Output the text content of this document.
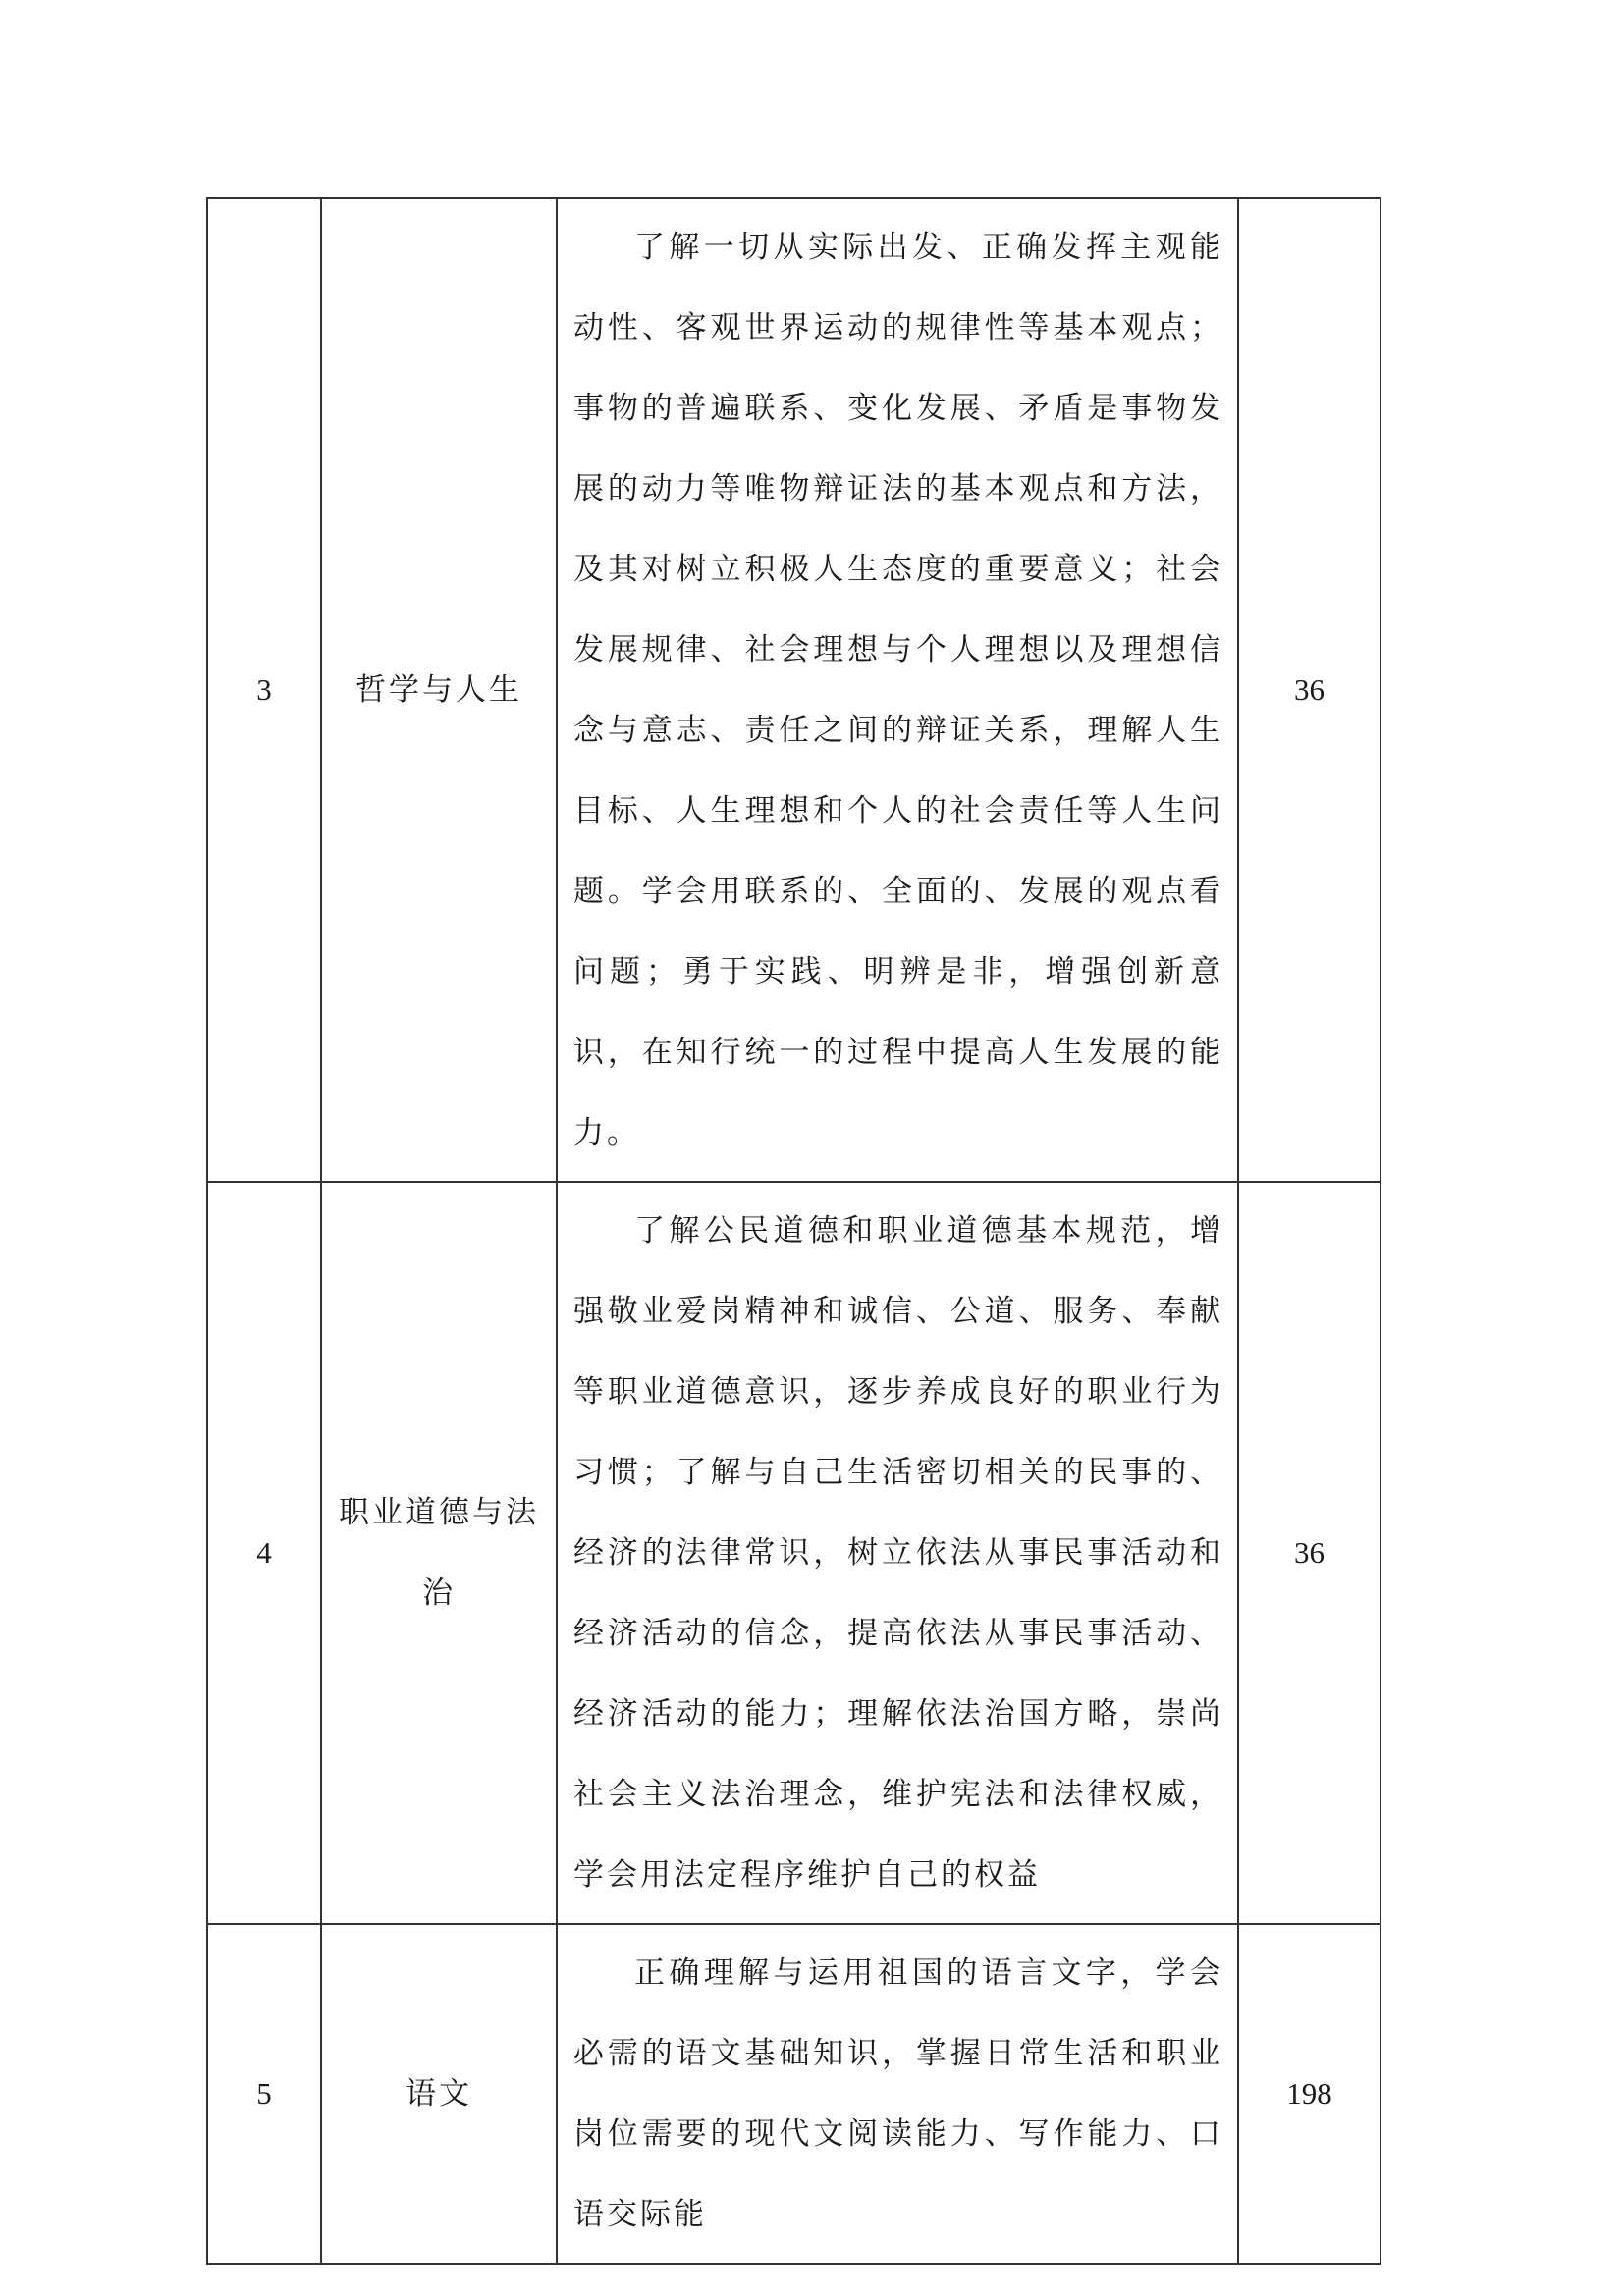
3	哲学与人生	了解一切从实际出发、正确发挥主观能动性、客观世界运动的规律性等基本观点；事物的普遍联系、变化发展、矛盾是事物发展的动力等唯物辩证法的基本观点和方法，及其对树立积极人生态度的重要意义；社会发展规律、社会理想与个人理想以及理想信念与意志、责任之间的辩证关系，理解人生目标、人生理想和个人的社会责任等人生问题。学会用联系的、全面的、发展的观点看问题；勇于实践、明辨是非，增强创新意识，在知行统一的过程中提高人生发展的能力。	36
4	职业道德与法治	了解公民道德和职业道德基本规范，增强敬业爱岗精神和诚信、公道、服务、奉献等职业道德意识，逐步养成良好的职业行为习惯；了解与自己生活密切相关的民事的、经济的法律常识，树立依法从事民事活动和经济活动的信念，提高依法从事民事活动、经济活动的能力；理解依法治国方略，崇尚社会主义法治理念，维护宪法和法律权威，学会用法定程序维护自己的权益	36
5	语文	正确理解与运用祖国的语言文字，学会必需的语文基础知识，掌握日常生活和职业岗位需要的现代文阅读能力、写作能力、口语交际能	198
